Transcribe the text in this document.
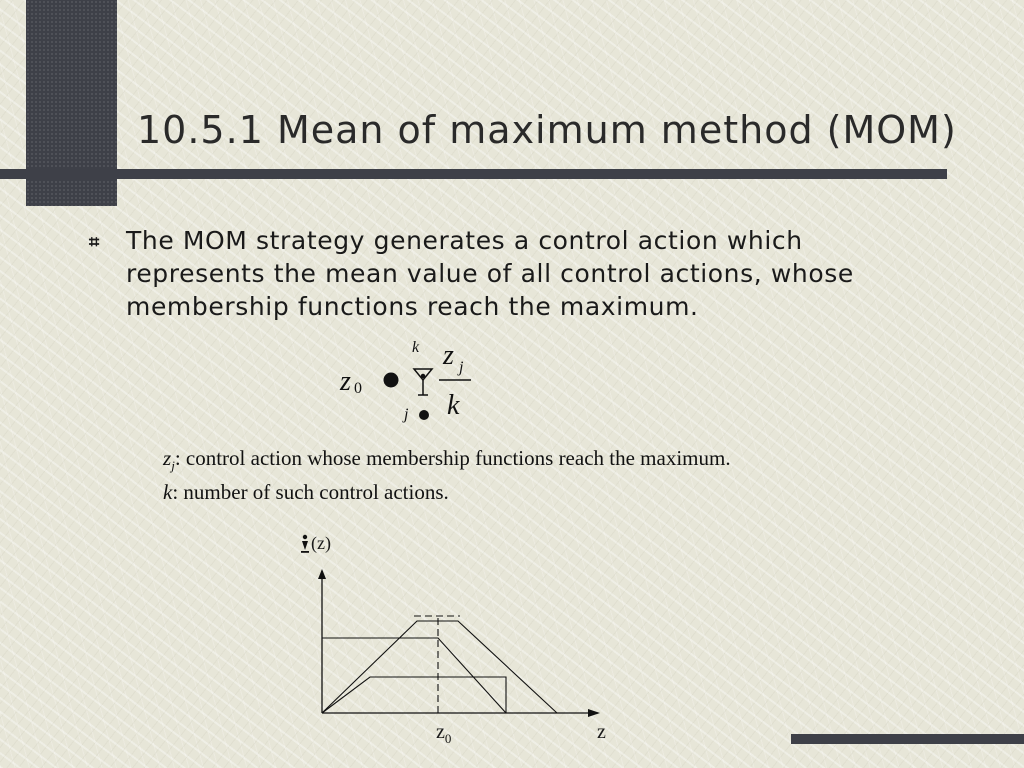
10.5.1 Mean of maximum method (MOM)
⌗ The MOM strategy generates a control action which represents the mean value of all control actions, whose membership functions reach the maximum.

z 0
k
j
z j
k

$z_j$: control action whose membership functions reach the maximum.

k: number of such control actions.

(z)
z
$z_0$
